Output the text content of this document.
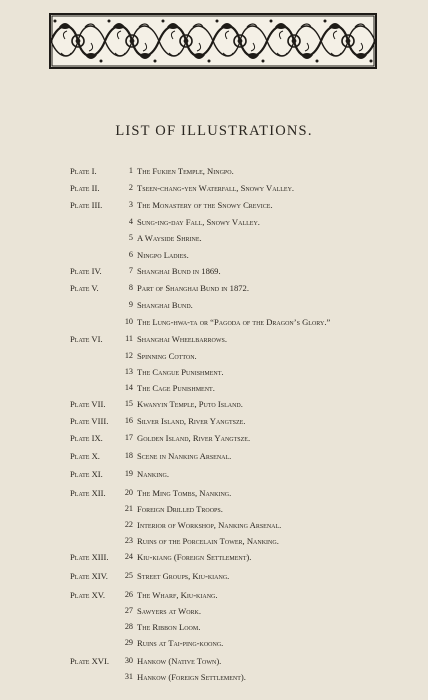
LIST OF ILLUSTRATIONS.
Plate I.	1 The Fukien Temple, Ningpo.
Plate II.	2 Tseen-chang-yen Waterfall, Snowy Valley.
Plate III.	3 The Monastery of the Snowy Crevice.
4 Sung-ing-day Fall, Snowy Valley.
5 A Wayside Shrine.
6 Ningpo Ladies.
Plate IV.	7 Shanghai Bund in 1869.
Plate V.	8 Part of Shanghai Bund in 1872.
9 Shanghai Bund.
10 The Lung-hwa-ta or “Pagoda of the Dragon’s Glory.”
Plate VI.	11 Shanghai Wheelbarrows.
12 Spinning Cotton.
13 The Cangue Punishment.
14 The Cage Punishment.
Plate VII.	15 Kwanyin Temple, Puto Island.
Plate VIII.	16 Silver Island, River Yangtsze.
Plate IX.	17 Golden Island, River Yangtsze.
Plate X.	18 Scene in Nanking Arsenal.
Plate XI.	19 Nanking.
Plate XII.	20 The Ming Tombs, Nanking.
21 Foreign Drilled Troops.
22 Interior of Workshop, Nanking Arsenal.
23 Ruins of the Porcelain Tower, Nanking.
Plate XIII.	24 Kiu-kiang (Foreign Settlement).
Plate XIV.	25 Street Groups, Kiu-kiang.
Plate XV.	26 The Wharf, Kiu-kiang.
27 Sawyers at Work.
28 The Ribbon Loom.
29 Ruins at Tai-ping-koong.
Plate XVI.	30 Hankow (Native Town).
31 Hankow (Foreign Settlement).
